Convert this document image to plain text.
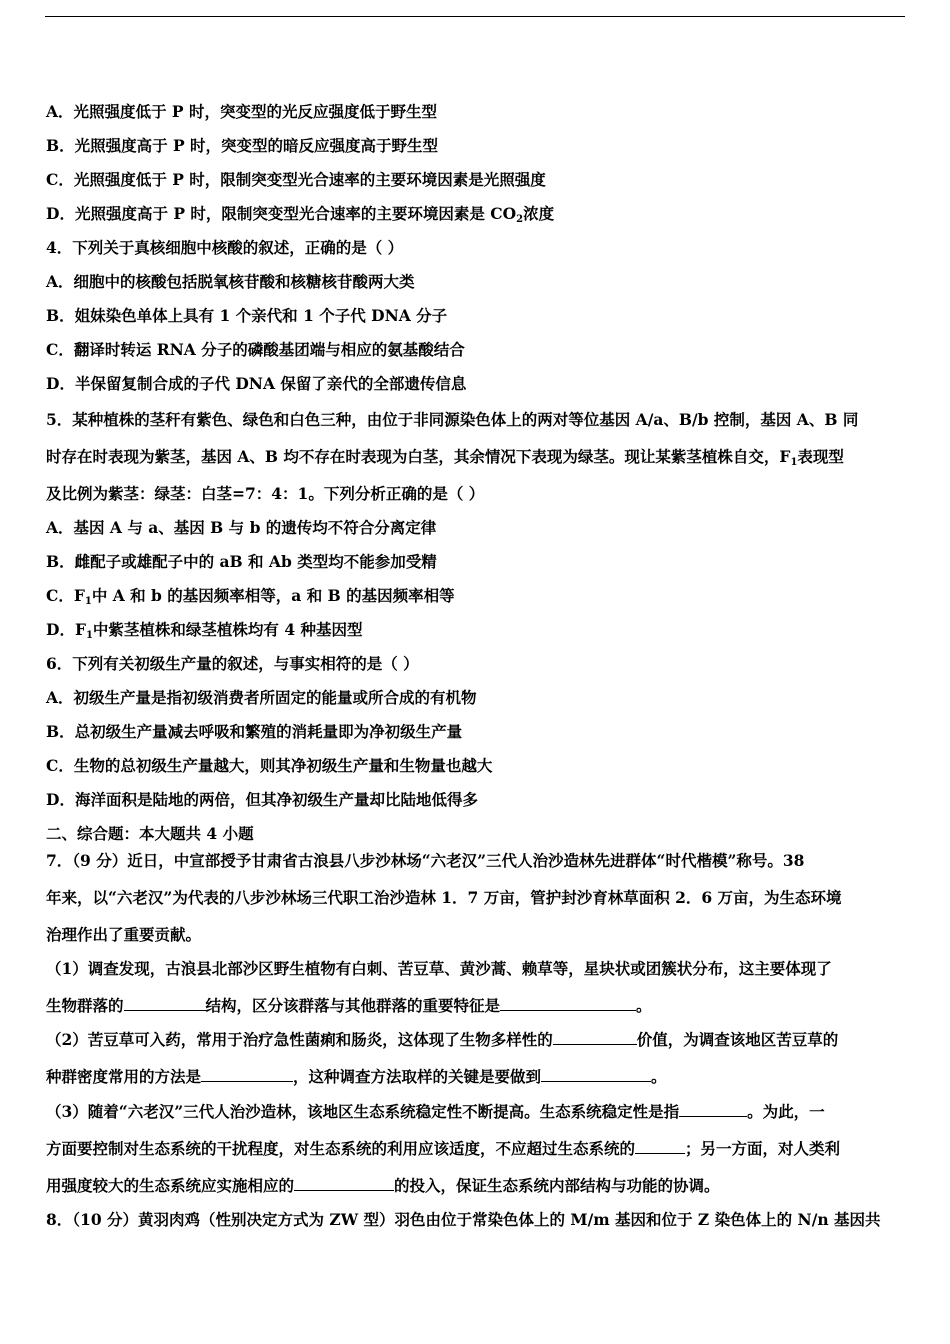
A．光照强度低于 P 时，突变型的光反应强度低于野生型
B．光照强度高于 P 时，突变型的暗反应强度高于野生型
C．光照强度低于 P 时，限制突变型光合速率的主要环境因素是光照强度
D．光照强度高于 P 时，限制突变型光合速率的主要环境因素是 $CO_2$浓度
4．下列关于真核细胞中核酸的叙述，正确的是（ ）
A．细胞中的核酸包括脱氧核苷酸和核糖核苷酸两大类
B．姐妹染色单体上具有 1 个亲代和 1 个子代 DNA 分子
C．翻译时转运 RNA 分子的磷酸基团端与相应的氨基酸结合
D．半保留复制合成的子代 DNA 保留了亲代的全部遗传信息
5．某种植株的茎秆有紫色、绿色和白色三种，由位于非同源染色体上的两对等位基因 A/a、B/b 控制，基因 A、B 同
时存在时表现为紫茎，基因 A、B 均不存在时表现为白茎，其余情况下表现为绿茎。现让某紫茎植株自交，$F_1$表现型
及比例为紫茎：绿茎：白茎=7：4：1。下列分析正确的是（ ）
A．基因 A 与 a、基因 B 与 b 的遗传均不符合分离定律
B．雌配子或雄配子中的 aB 和 Ab 类型均不能参加受精
C．$F_1$中 A 和 b 的基因频率相等，a 和 B 的基因频率相等
D．$F_1$中紫茎植株和绿茎植株均有 4 种基因型
6．下列有关初级生产量的叙述，与事实相符的是（ ）
A．初级生产量是指初级消费者所固定的能量或所合成的有机物
B．总初级生产量减去呼吸和繁殖的消耗量即为净初级生产量
C．生物的总初级生产量越大，则其净初级生产量和生物量也越大
D．海洋面积是陆地的两倍，但其净初级生产量却比陆地低得多
二、综合题：本大题共 4 小题
7．（9 分）近日，中宣部授予甘肃省古浪县八步沙林场“六老汉”三代人治沙造林先进群体“时代楷模”称号。38
年来，以“六老汉”为代表的八步沙林场三代职工治沙造林 1．7 万亩，管护封沙育林草面积 2．6 万亩，为生态环境
治理作出了重要贡献。
（1）调查发现，古浪县北部沙区野生植物有白刺、苦豆草、黄沙蒿、赖草等，星块状或团簇状分布，这主要体现了
生物群落的	结构，区分该群落与其他群落的重要特征是	。
（2）苦豆草可入药，常用于治疗急性菌痢和肠炎，这体现了生物多样性的	价值，为调查该地区苦豆草的
种群密度常用的方法是	，这种调查方法取样的关键是要做到	。
（3）随着“六老汉”三代人治沙造林，该地区生态系统稳定性不断提高。生态系统稳定性是指	。为此，一
方面要控制对生态系统的干扰程度，对生态系统的利用应该适度，不应超过生态系统的	；另一方面，对人类利
用强度较大的生态系统应实施相应的	的投入，保证生态系统内部结构与功能的协调。
8．（10 分）黄羽肉鸡（性别决定方式为 ZW 型）羽色由位于常染色体上的 M/m 基因和位于 Z 染色体上的 N/n 基因共
